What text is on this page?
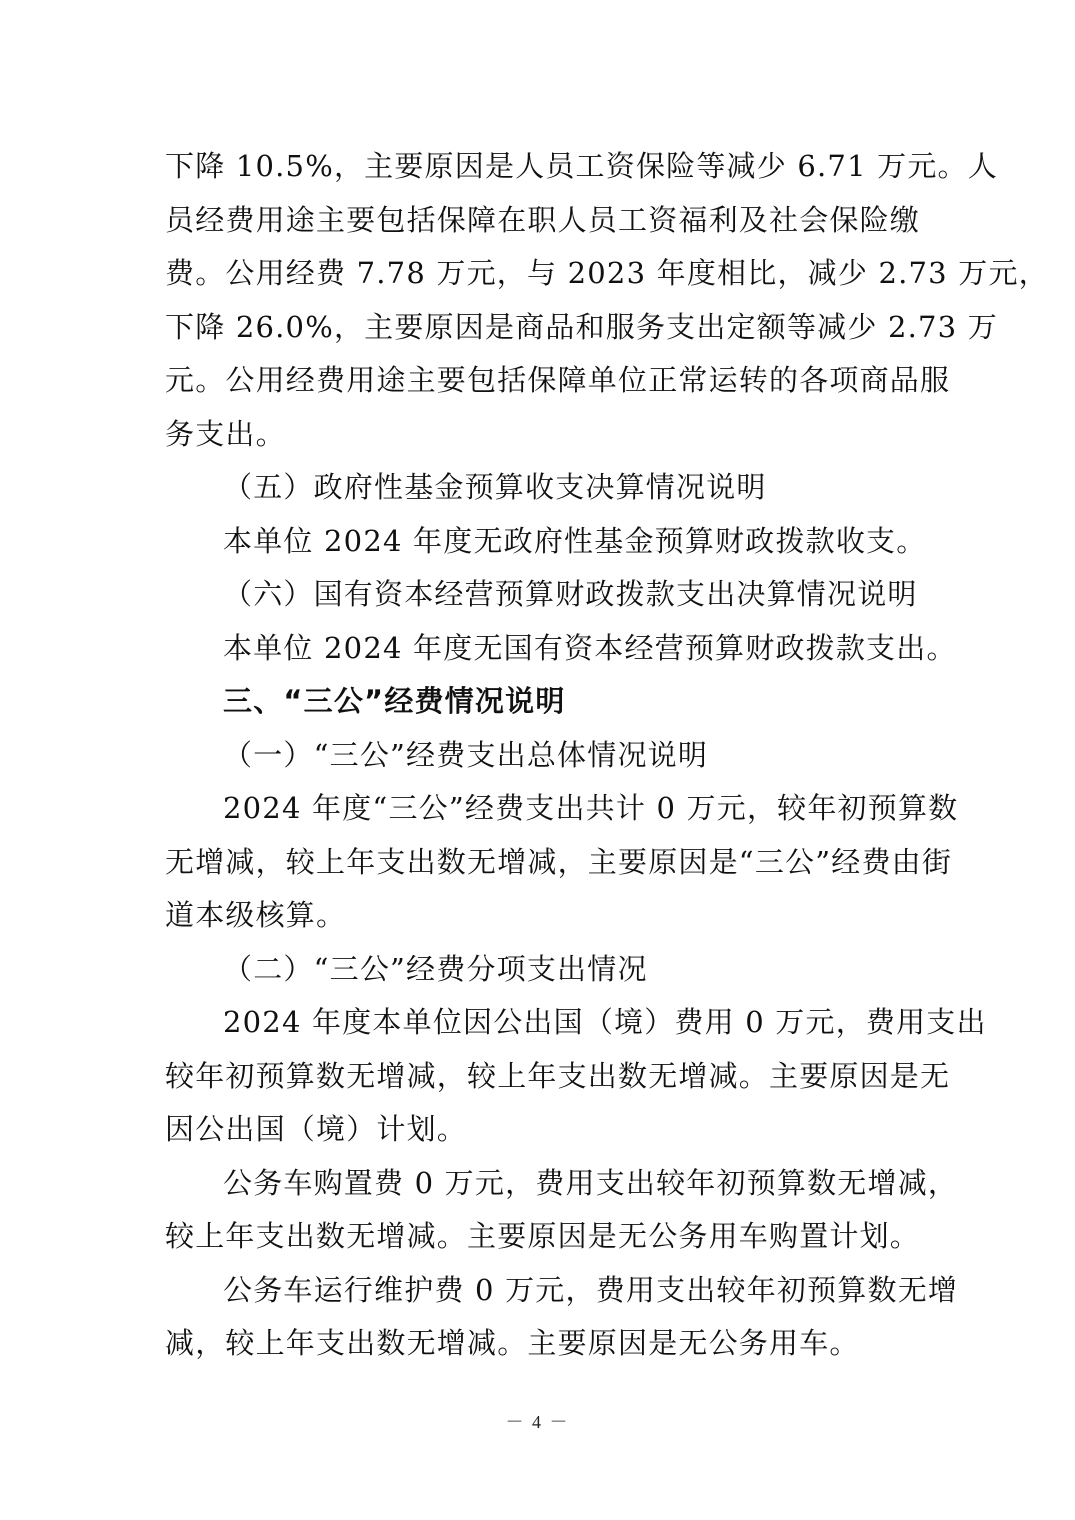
下降 10.5%，主要原因是人员工资保险等减少 6.71 万元。人
员经费用途主要包括保障在职人员工资福利及社会保险缴
费。公用经费 7.78 万元，与 2023 年度相比，减少 2.73 万元，
下降 26.0%，主要原因是商品和服务支出定额等减少 2.73 万
元。公用经费用途主要包括保障单位正常运转的各项商品服
务支出。
（五）政府性基金预算收支决算情况说明
本单位 2024 年度无政府性基金预算财政拨款收支。
（六）国有资本经营预算财政拨款支出决算情况说明
本单位 2024 年度无国有资本经营预算财政拨款支出。
三、“三公”经费情况说明
（一）“三公”经费支出总体情况说明
2024 年度“三公”经费支出共计 0 万元，较年初预算数
无增减，较上年支出数无增减，主要原因是“三公”经费由街
道本级核算。
（二）“三公”经费分项支出情况
2024 年度本单位因公出国（境）费用 0 万元，费用支出
较年初预算数无增减，较上年支出数无增减。主要原因是无
因公出国（境）计划。
公务车购置费 0 万元，费用支出较年初预算数无增减，
较上年支出数无增减。主要原因是无公务用车购置计划。
公务车运行维护费 0 万元，费用支出较年初预算数无增
减，较上年支出数无增减。主要原因是无公务用车。
－ 4 －
